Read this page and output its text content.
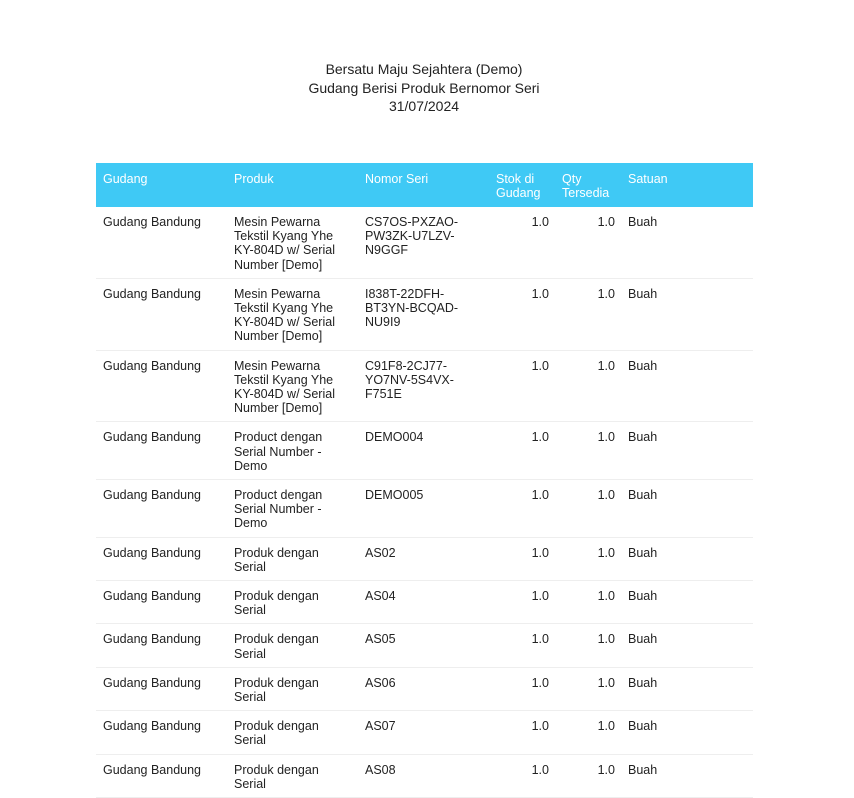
Bersatu Maju Sejahtera (Demo)
Gudang Berisi Produk Bernomor Seri
31/07/2024
Gudang	Produk	Nomor Seri	Stok di Gudang	Qty Tersedia	Satuan
Gudang Bandung	Mesin Pewarna Tekstil Kyang Yhe KY-804D w/ Serial Number [Demo]	CS7OS-PXZAO-PW3ZK-U7LZV-N9GGF	1.0	1.0	Buah
Gudang Bandung	Mesin Pewarna Tekstil Kyang Yhe KY-804D w/ Serial Number [Demo]	I838T-22DFH-BT3YN-BCQAD-NU9I9	1.0	1.0	Buah
Gudang Bandung	Mesin Pewarna Tekstil Kyang Yhe KY-804D w/ Serial Number [Demo]	C91F8-2CJ77-YO7NV-5S4VX-F751E	1.0	1.0	Buah
Gudang Bandung	Product dengan Serial Number - Demo	DEMO004	1.0	1.0	Buah
Gudang Bandung	Product dengan Serial Number - Demo	DEMO005	1.0	1.0	Buah
Gudang Bandung	Produk dengan Serial	AS02	1.0	1.0	Buah
Gudang Bandung	Produk dengan Serial	AS04	1.0	1.0	Buah
Gudang Bandung	Produk dengan Serial	AS05	1.0	1.0	Buah
Gudang Bandung	Produk dengan Serial	AS06	1.0	1.0	Buah
Gudang Bandung	Produk dengan Serial	AS07	1.0	1.0	Buah
Gudang Bandung	Produk dengan Serial	AS08	1.0	1.0	Buah
